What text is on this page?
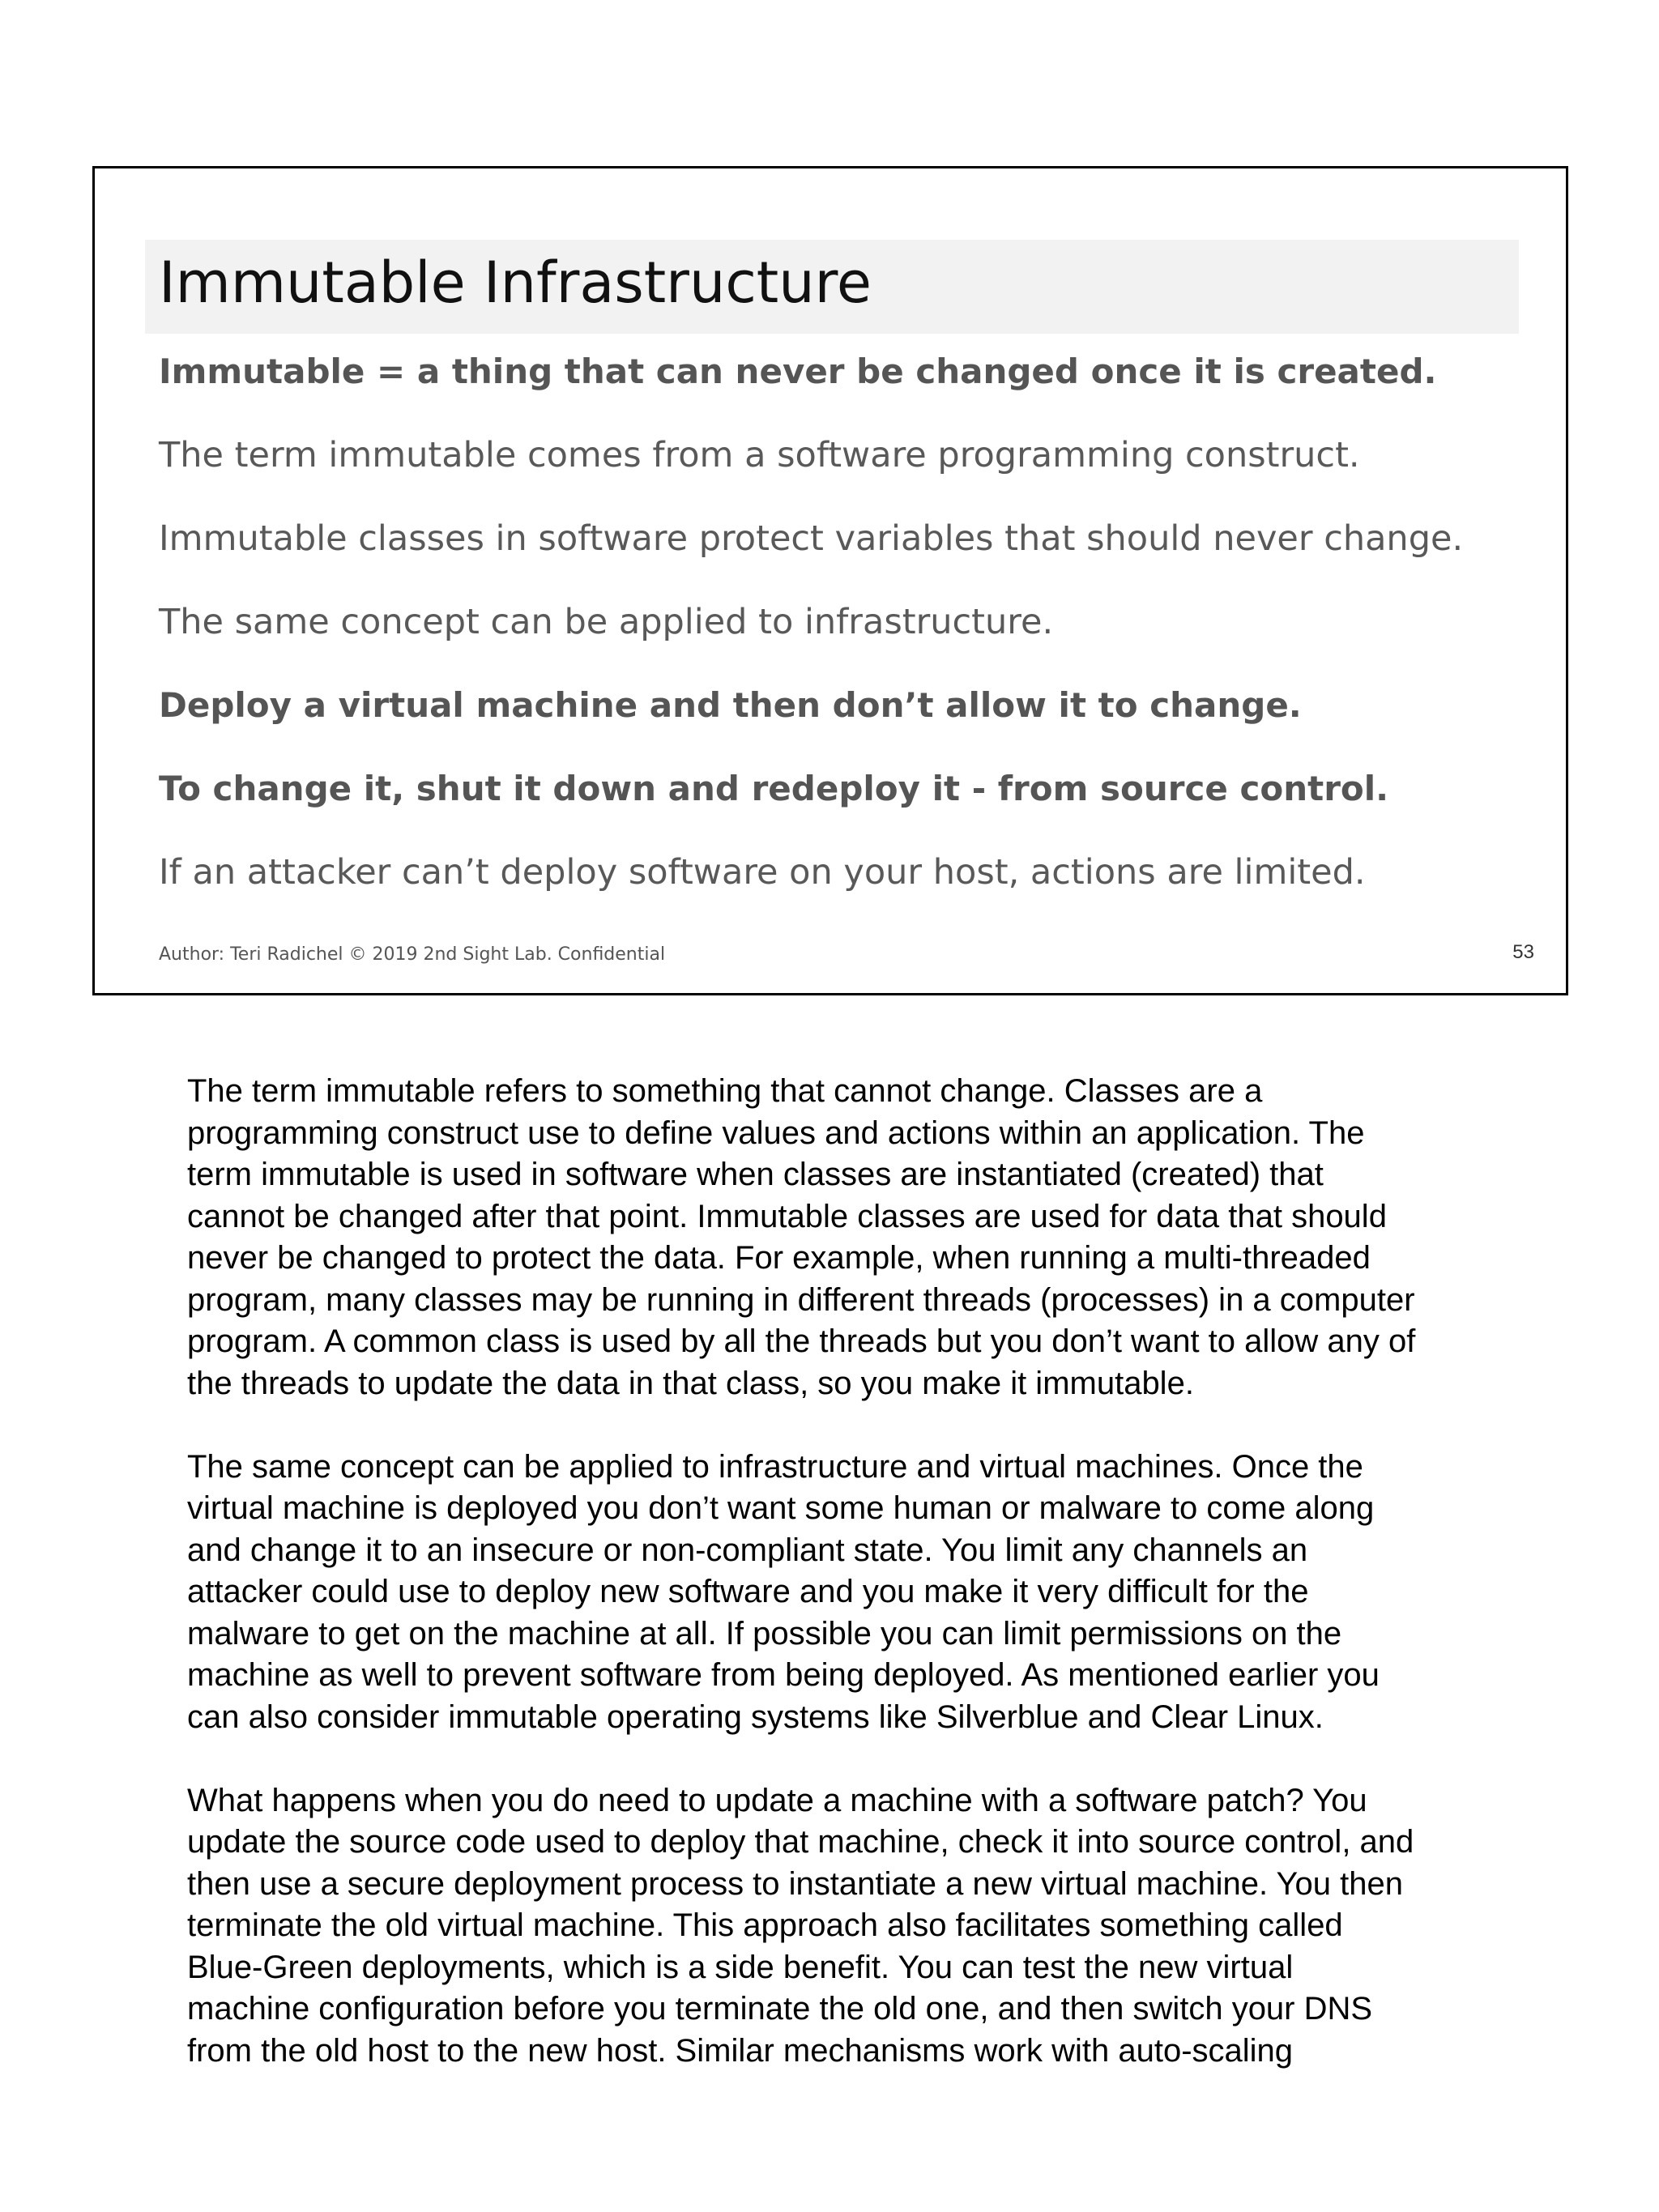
Immutable Infrastructure
Immutable = a thing that can never be changed once it is created.
The term immutable comes from a software programming construct.
Immutable classes in software protect variables that should never change.
The same concept can be applied to infrastructure.
Deploy a virtual machine and then don’t allow it to change.
To change it, shut it down and redeploy it - from source control.
If an attacker can’t deploy software on your host, actions are limited.
Author: Teri Radichel © 2019 2nd Sight Lab. Confidential	53

The term immutable refers to something that cannot change. Classes are a
programming construct use to define values and actions within an application. The
term immutable is used in software when classes are instantiated (created) that
cannot be changed after that point. Immutable classes are used for data that should
never be changed to protect the data. For example, when running a multi-threaded
program, many classes may be running in different threads (processes) in a computer
program. A common class is used by all the threads but you don’t want to allow any of
the threads to update the data in that class, so you make it immutable.

The same concept can be applied to infrastructure and virtual machines. Once the
virtual machine is deployed you don’t want some human or malware to come along
and change it to an insecure or non-compliant state. You limit any channels an
attacker could use to deploy new software and you make it very difficult for the
malware to get on the machine at all. If possible you can limit permissions on the
machine as well to prevent software from being deployed. As mentioned earlier you
can also consider immutable operating systems like Silverblue and Clear Linux.

What happens when you do need to update a machine with a software patch? You
update the source code used to deploy that machine, check it into source control, and
then use a secure deployment process to instantiate a new virtual machine. You then
terminate the old virtual machine. This approach also facilitates something called
Blue-Green deployments, which is a side benefit. You can test the new virtual
machine configuration before you terminate the old one, and then switch your DNS
from the old host to the new host. Similar mechanisms work with auto-scaling
